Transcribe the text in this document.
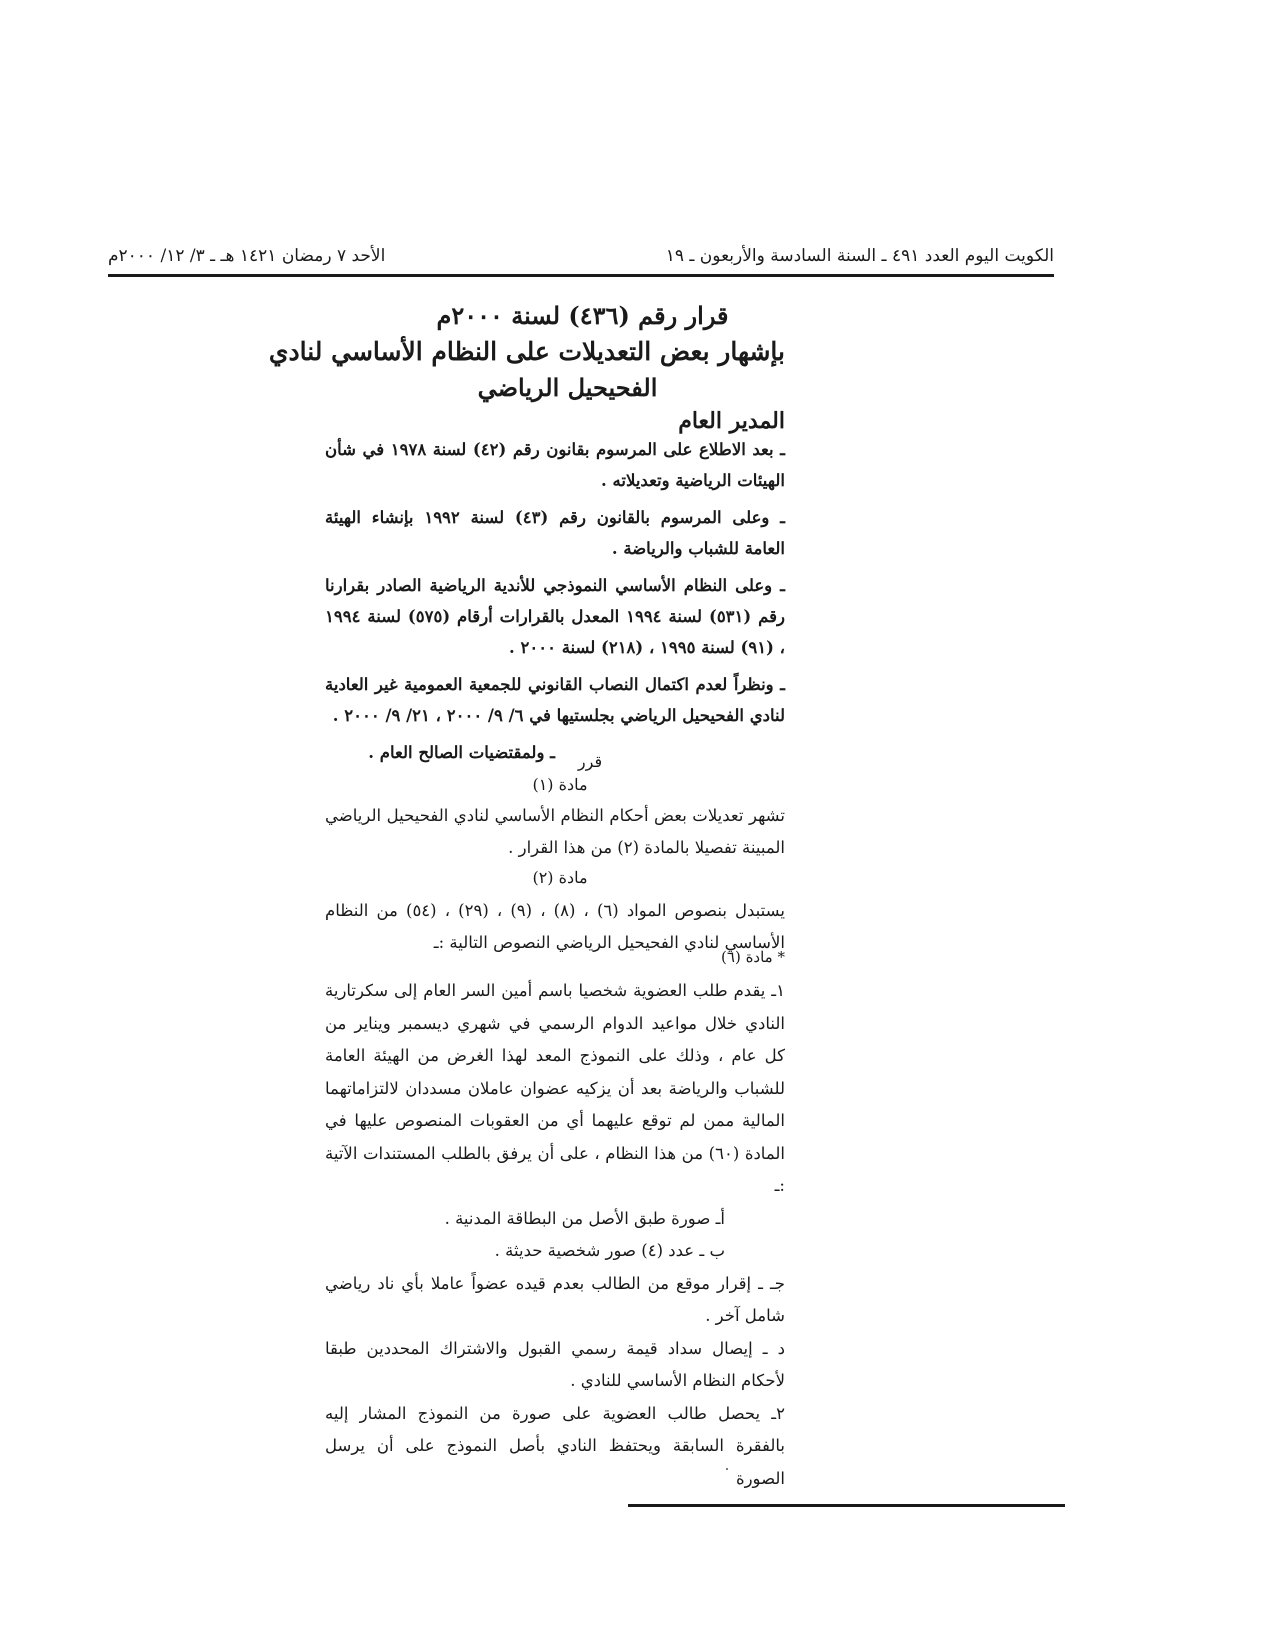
الكويت اليوم العدد ٤٩١ ـ السنة السادسة والأربعون ـ ١٩
الأحد ٧ رمضان ١٤٢١ هـ ـ ٣/ ١٢/ ٢٠٠٠م
قرار رقم (٤٣٦) لسنة ٢٠٠٠م
بإشهار بعض التعديلات على النظام الأساسي لنادي
الفحيحيل الرياضي
المدير العام

ـ بعد الاطلاع على المرسوم بقانون رقم (٤٢) لسنة ١٩٧٨ في شأن الهيئات الرياضية وتعديلاته .

ـ وعلى المرسوم بالقانون رقم (٤٣) لسنة ١٩٩٢ بإنشاء الهيئة العامة للشباب والرياضة .

ـ وعلى النظام الأساسي النموذجي للأندية الرياضية الصادر بقرارنا رقم (٥٣١) لسنة ١٩٩٤ المعدل بالقرارات أرقام (٥٧٥) لسنة ١٩٩٤ ، (٩١) لسنة ١٩٩٥ ، (٢١٨) لسنة ٢٠٠٠ .

ـ ونظراً لعدم اكتمال النصاب القانوني للجمعية العمومية غير العادية لنادي الفحيحيل الرياضي بجلستيها في ٦/ ٩/ ٢٠٠٠ ، ٢١/ ٩/ ٢٠٠٠ .

ـ ولمقتضيات الصالح العام .	قرر
مادة (١)

تشهر تعديلات بعض أحكام النظام الأساسي لنادي الفحيحيل الرياضي المبينة تفصيلا بالمادة (٢) من هذا القرار .

مادة (٢)

يستبدل بنصوص المواد (٦) ، (٨) ، (٩) ، (٢٩) ، (٥٤) من النظام الأساسي لنادي الفحيحيل الرياضي النصوص التالية :ـ

* مادة (٦)

١ـ يقدم طلب العضوية شخصيا باسم أمين السر العام إلى سكرتارية النادي خلال مواعيد الدوام الرسمي في شهري ديسمبر ويناير من كل عام ، وذلك على النموذج المعد لهذا الغرض من الهيئة العامة للشباب والرياضة بعد أن يزكيه عضوان عاملان مسددان لالتزاماتهما المالية ممن لم توقع عليهما أي من العقوبات المنصوص عليها في المادة (٦٠) من هذا النظام ، على أن يرفق بالطلب المستندات الآتية :ـ

أـ صورة طبق الأصل من البطاقة المدنية .

ب ـ عدد (٤) صور شخصية حديثة .

جـ ـ إقرار موقع من الطالب بعدم قيده عضواً عاملا بأي ناد رياضي شامل آخر .

د ـ إيصال سداد قيمة رسمي القبول والاشتراك المحددين طبقا لأحكام النظام الأساسي للنادي .

٢ـ يحصل طالب العضوية على صورة من النموذج المشار إليه بالفقرة السابقة ويحتفظ النادي بأصل النموذج على أن يرسل الصورة
